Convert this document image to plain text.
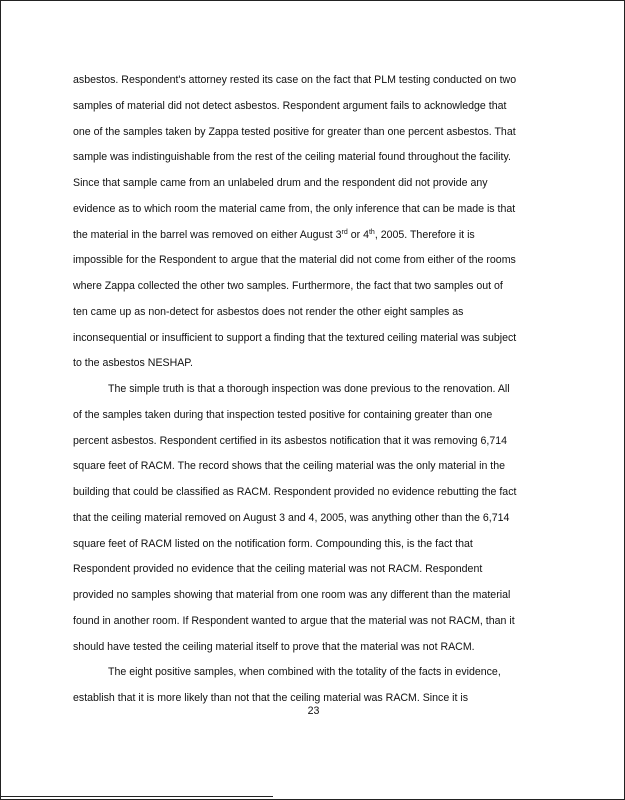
asbestos. Respondent's attorney rested its case on the fact that PLM testing conducted on two
samples of material did not detect asbestos. Respondent argument fails to acknowledge that
one of the samples taken by Zappa tested positive for greater than one percent asbestos. That
sample was indistinguishable from the rest of the ceiling material found throughout the facility.
Since that sample came from an unlabeled drum and the respondent did not provide any
evidence as to which room the material came from, the only inference that can be made is that
the material in the barrel was removed on either August 3rd or 4th, 2005. Therefore it is
impossible for the Respondent to argue that the material did not come from either of the rooms
where Zappa collected the other two samples. Furthermore, the fact that two samples out of
ten came up as non-detect for asbestos does not render the other eight samples as
inconsequential or insufficient to support a finding that the textured ceiling material was subject
to the asbestos NESHAP.

The simple truth is that a thorough inspection was done previous to the renovation. All
of the samples taken during that inspection tested positive for containing greater than one
percent asbestos. Respondent certified in its asbestos notification that it was removing 6,714
square feet of RACM. The record shows that the ceiling material was the only material in the
building that could be classified as RACM. Respondent provided no evidence rebutting the fact
that the ceiling material removed on August 3 and 4, 2005, was anything other than the 6,714
square feet of RACM listed on the notification form. Compounding this, is the fact that
Respondent provided no evidence that the ceiling material was not RACM. Respondent
provided no samples showing that material from one room was any different than the material
found in another room. If Respondent wanted to argue that the material was not RACM, than it
should have tested the ceiling material itself to prove that the material was not RACM.

The eight positive samples, when combined with the totality of the facts in evidence,
establish that it is more likely than not that the ceiling material was RACM. Since it is

23
